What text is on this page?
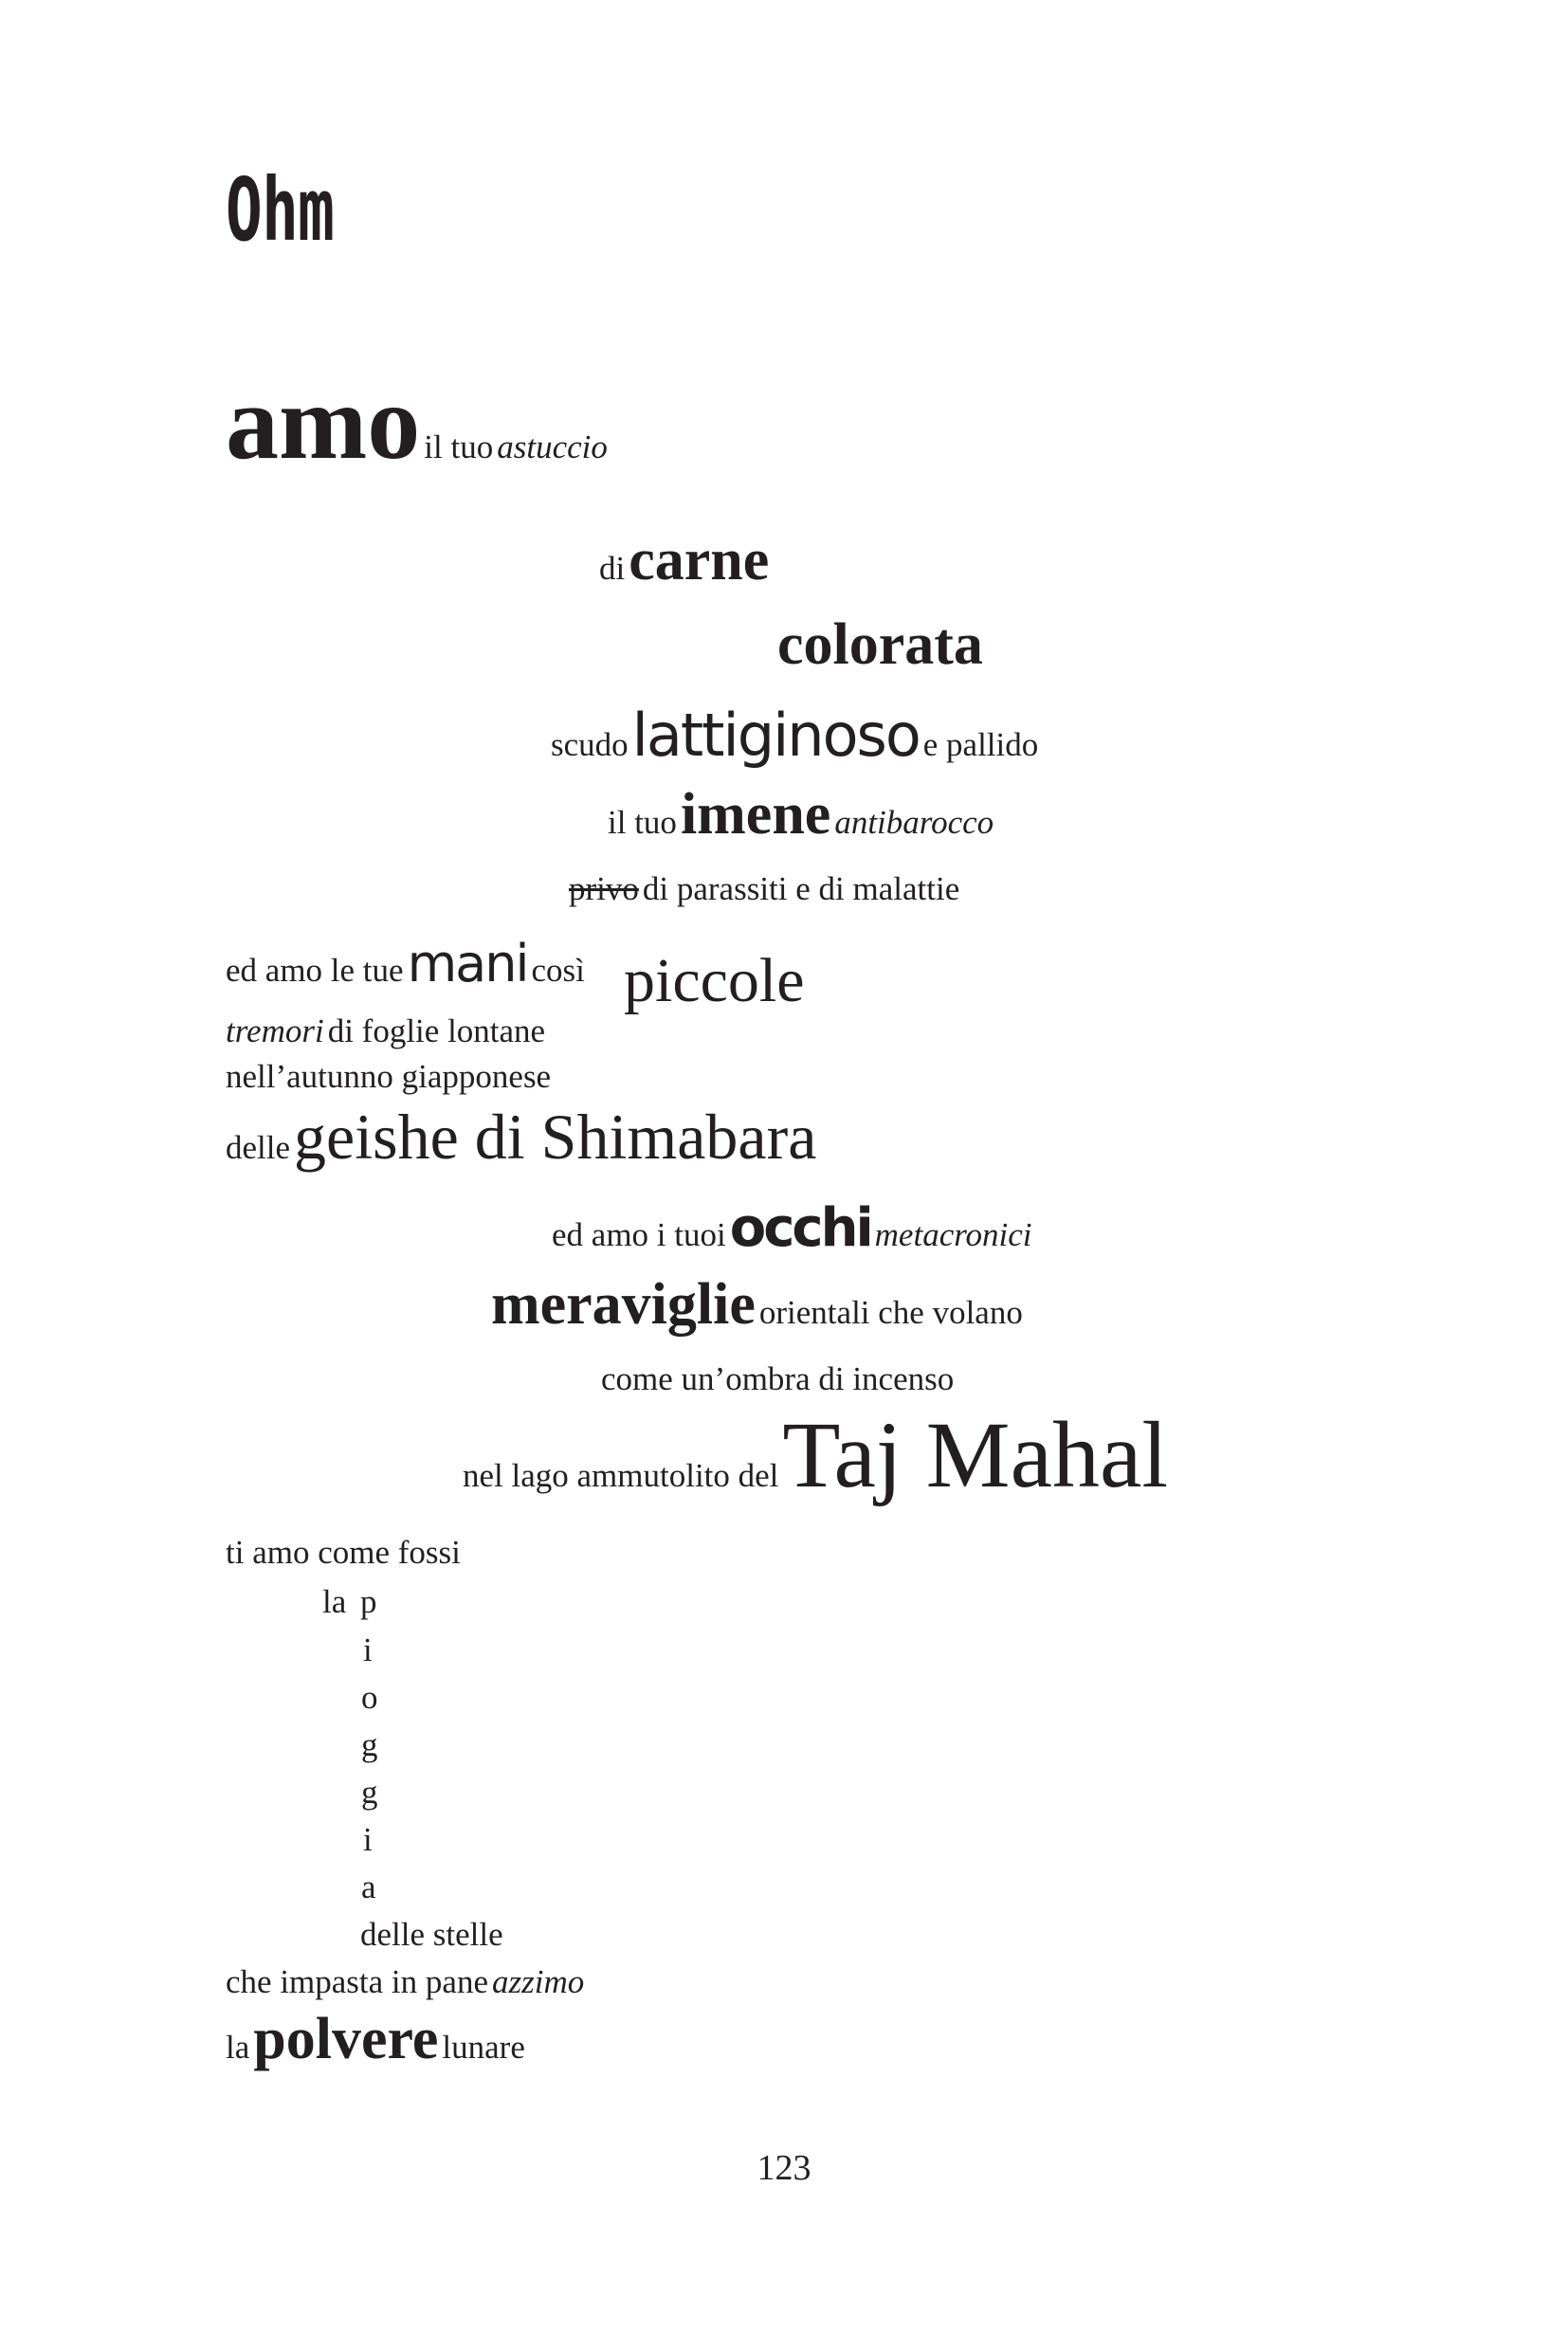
Ohm
amo il tuo astuccio
di carne
colorata
scudo lattiginoso e pallido
il tuo imene antibarocco
privo di parassiti e di malattie
ed amo le tue mani così piccole
tremori di foglie lontane
nell’autunno giapponese
delle geishe di Shimabara
ed amo i tuoi occhi metacronici
meraviglie orientali che volano
come un’ombra di incenso
nel lago ammutolito del Taj Mahal
ti amo come fossi
la p
i
o
g
g
i
a
delle stelle
che impasta in pane azzimo
la polvere lunare
123
